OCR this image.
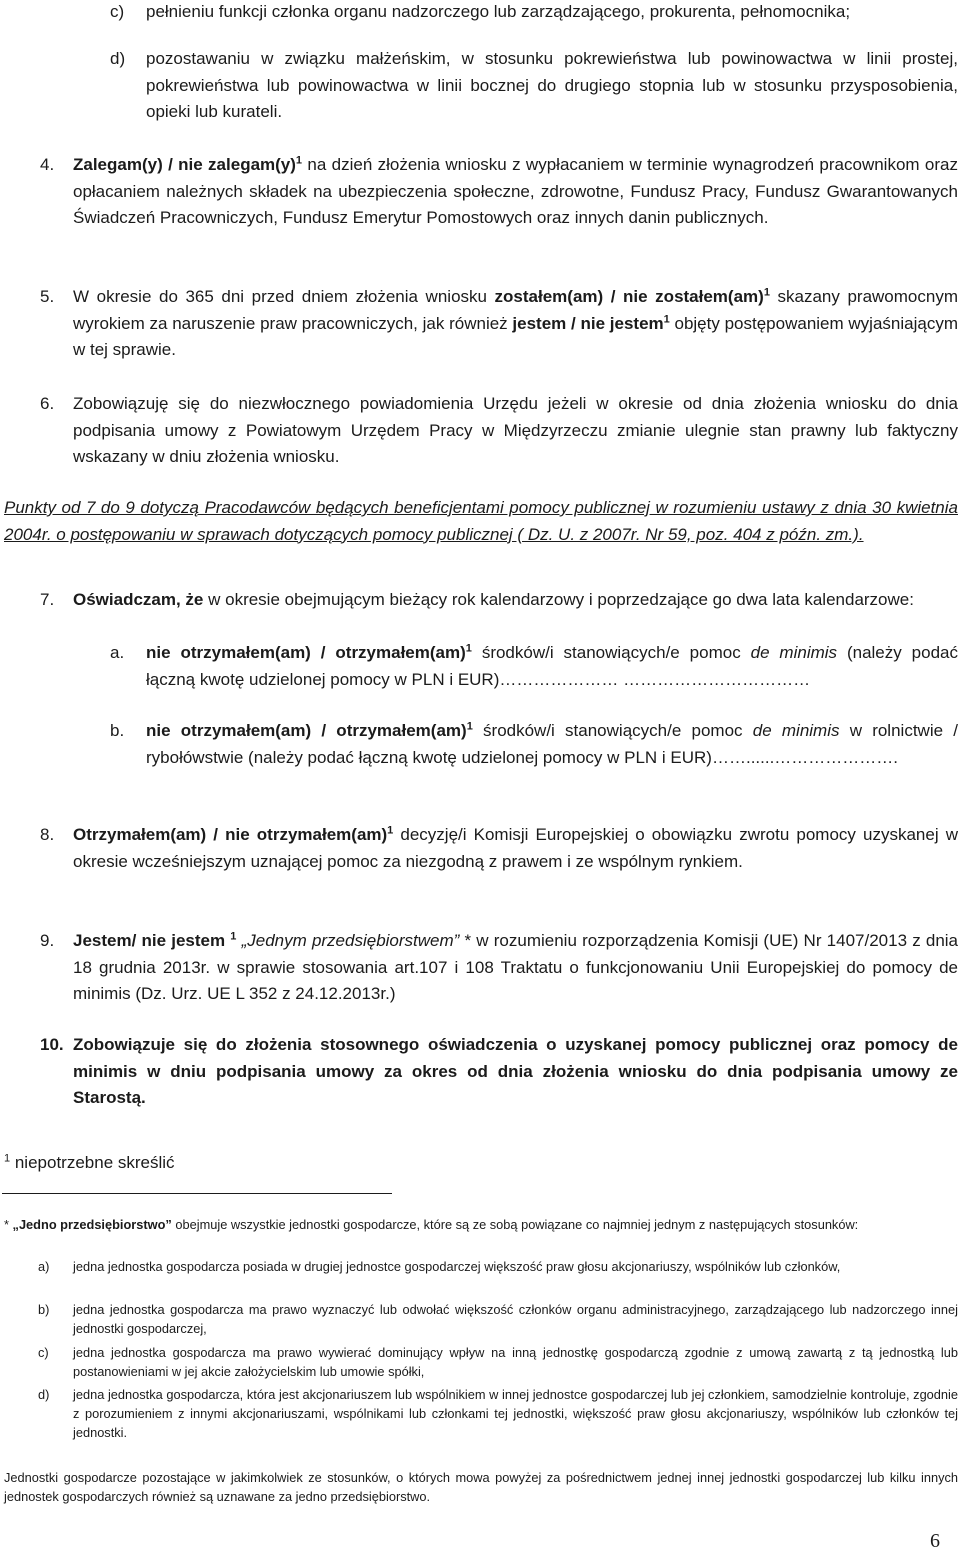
c) pełnieniu funkcji członka organu nadzorczego lub zarządzającego, prokurenta, pełnomocnika;

d) pozostawaniu w związku małżeńskim, w stosunku pokrewieństwa lub powinowactwa w linii prostej, pokrewieństwa lub powinowactwa w linii bocznej do drugiego stopnia lub w stosunku przysposobienia, opieki lub kurateli.

4. Zalegam(y) / nie $zalegam(y)^1$ na dzień złożenia wniosku z wypłacaniem w terminie wynagrodzeń pracownikom oraz opłacaniem należnych składek na ubezpieczenia społeczne, zdrowotne, Fundusz Pracy, Fundusz Gwarantowanych Świadczeń Pracowniczych, Fundusz Emerytur Pomostowych oraz innych danin publicznych.

5. W okresie do 365 dni przed dniem złożenia wniosku zostałem(am) / nie zostałem(am)$^1$ skazany prawomocnym wyrokiem za naruszenie praw pracowniczych, jak również jestem / nie jestem$^1$ objęty postępowaniem wyjaśniającym w tej sprawie.

6. Zobowiązuję się do niezwłocznego powiadomienia Urzędu jeżeli w okresie od dnia złożenia wniosku do dnia podpisania umowy z Powiatowym Urzędem Pracy w Międzyrzeczu zmianie ulegnie stan prawny lub faktyczny wskazany w dniu złożenia wniosku.

Punkty od 7 do 9 dotyczą Pracodawców będących beneficjentami pomocy publicznej w rozumieniu ustawy z dnia 30 kwietnia 2004r. o postępowaniu w sprawach dotyczących pomocy publicznej ( Dz. U. z 2007r. Nr 59, poz. 404 z późn. zm.).

7. Oświadczam, że w okresie obejmującym bieżący rok kalendarzowy i poprzedzające go dwa lata kalendarzowe:

a. nie otrzymałem(am) / otrzymałem(am)$^1$ środków/i stanowiących/e pomoc de minimis (należy podać łączną kwotę udzielonej pomocy w PLN i EUR)………………… ……………………………

b. nie otrzymałem(am) / otrzymałem(am)$^1$ środków/i stanowiących/e pomoc de minimis w rolnictwie / rybołówstwie (należy podać łączną kwotę udzielonej pomocy w PLN i EUR)……......………………….

8. Otrzymałem(am) / nie otrzymałem(am)$^1$ decyzję/i Komisji Europejskiej o obowiązku zwrotu pomocy uzyskanej w okresie wcześniejszym uznającej pomoc za niezgodną z prawem i ze wspólnym rynkiem.

9. Jestem/ nie jestem $^1$ „Jednym przedsiębiorstwem” * w rozumieniu rozporządzenia Komisji (UE) Nr 1407/2013 z dnia 18 grudnia 2013r. w sprawie stosowania art.107 i 108 Traktatu o funkcjonowaniu Unii Europejskiej do pomocy de minimis (Dz. Urz. UE L 352 z 24.12.2013r.)

10. Zobowiązuje się do złożenia stosownego oświadczenia o uzyskanej pomocy publicznej oraz pomocy de minimis w dniu podpisania umowy za okres od dnia złożenia wniosku do dnia podpisania umowy ze Starostą.

$^1$ niepotrzebne skreślić

* „Jedno przedsiębiorstwo” obejmuje wszystkie jednostki gospodarcze, które są ze sobą powiązane co najmniej jednym z następujących stosunków:

a) jedna jednostka gospodarcza posiada w drugiej jednostce gospodarczej większość praw głosu akcjonariuszy, wspólników lub członków,

b) jedna jednostka gospodarcza ma prawo wyznaczyć lub odwołać większość członków organu administracyjnego, zarządzającego lub nadzorczego innej jednostki gospodarczej,

c) jedna jednostka gospodarcza ma prawo wywierać dominujący wpływ na inną jednostkę gospodarczą zgodnie z umową zawartą z tą jednostką lub postanowieniami w jej akcie założycielskim lub umowie spółki,

d) jedna jednostka gospodarcza, która jest akcjonariuszem lub wspólnikiem w innej jednostce gospodarczej lub jej członkiem, samodzielnie kontroluje, zgodnie z porozumieniem z innymi akcjonariuszami, wspólnikami lub członkami tej jednostki, większość praw głosu akcjonariuszy, wspólników lub członków tej jednostki.

Jednostki gospodarcze pozostające w jakimkolwiek ze stosunków, o których mowa powyżej za pośrednictwem jednej innej jednostki gospodarczej lub kilku innych jednostek gospodarczych również są uznawane za jedno przedsiębiorstwo.

6
